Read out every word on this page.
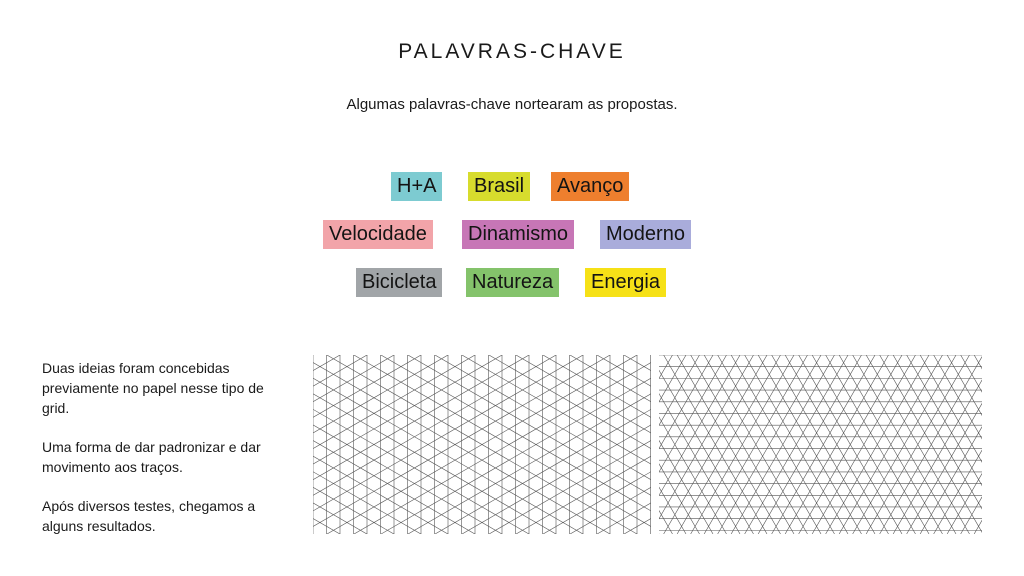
PALAVRAS-CHAVE
Algumas palavras-chave nortearam as propostas.
H+A	Brasil	Avanço
Velocidade	Dinamismo	Moderno
Bicicleta	Natureza	Energia

Duas ideias foram concebidas previamente no papel nesse tipo de grid.

Uma forma de dar padronizar e dar movimento aos traços.

Após diversos testes, chegamos a alguns resultados.
